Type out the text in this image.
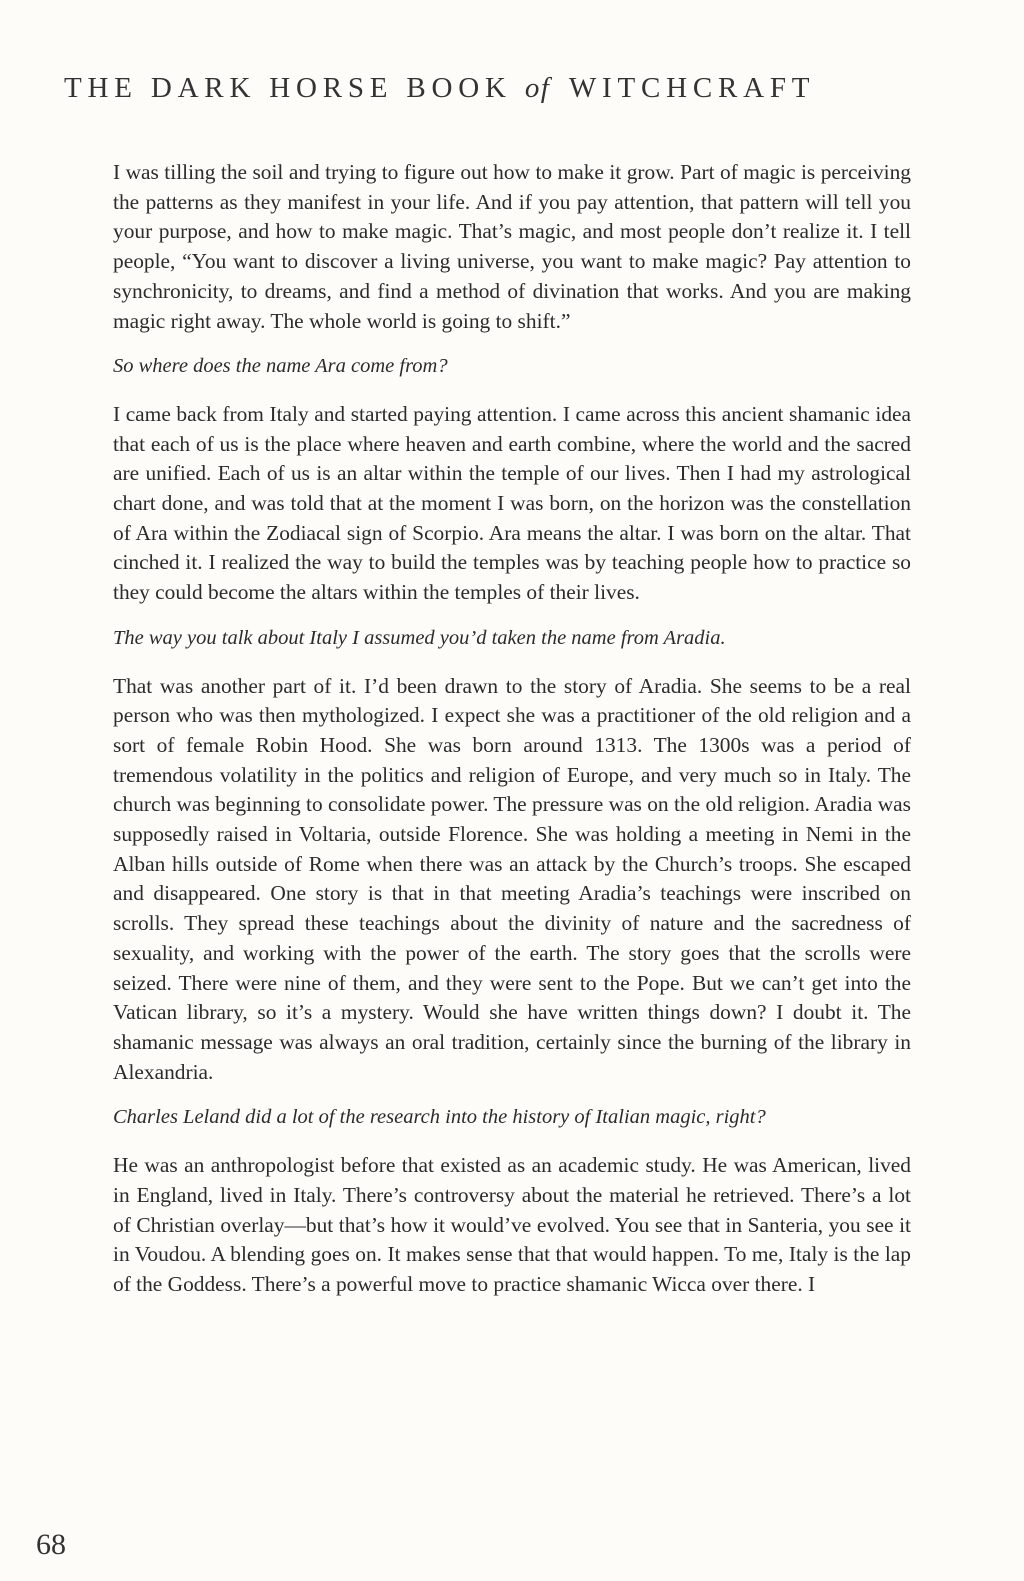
THE DARK HORSE BOOK of WITCHCRAFT

I was tilling the soil and trying to figure out how to make it grow. Part of magic is perceiving the patterns as they manifest in your life. And if you pay attention, that pattern will tell you your purpose, and how to make magic. That’s magic, and most people don’t realize it. I tell people, “You want to discover a living universe, you want to make magic? Pay attention to synchronicity, to dreams, and find a method of divination that works. And you are making magic right away. The whole world is going to shift.”

So where does the name Ara come from?

I came back from Italy and started paying attention. I came across this ancient shamanic idea that each of us is the place where heaven and earth combine, where the world and the sacred are unified. Each of us is an altar within the temple of our lives. Then I had my astrological chart done, and was told that at the moment I was born, on the horizon was the constellation of Ara within the Zodiacal sign of Scorpio. Ara means the altar. I was born on the altar. That cinched it. I realized the way to build the temples was by teaching people how to practice so they could become the altars within the temples of their lives.

The way you talk about Italy I assumed you’d taken the name from Aradia.

That was another part of it. I’d been drawn to the story of Aradia. She seems to be a real person who was then mythologized. I expect she was a practitioner of the old religion and a sort of female Robin Hood. She was born around 1313. The 1300s was a period of tremendous volatility in the politics and religion of Europe, and very much so in Italy. The church was beginning to consolidate power. The pressure was on the old religion. Aradia was supposedly raised in Voltaria, outside Florence. She was holding a meeting in Nemi in the Alban hills outside of Rome when there was an attack by the Church’s troops. She escaped and disappeared. One story is that in that meeting Aradia’s teachings were inscribed on scrolls. They spread these teachings about the divinity of nature and the sacredness of sexuality, and working with the power of the earth. The story goes that the scrolls were seized. There were nine of them, and they were sent to the Pope. But we can’t get into the Vatican library, so it’s a mystery. Would she have written things down? I doubt it. The shamanic message was always an oral tradition, certainly since the burning of the library in Alexandria.

Charles Leland did a lot of the research into the history of Italian magic, right?

He was an anthropologist before that existed as an academic study. He was American, lived in England, lived in Italy. There’s controversy about the material he retrieved. There’s a lot of Christian overlay—but that’s how it would’ve evolved. You see that in Santeria, you see it in Voudou. A blending goes on. It makes sense that that would happen. To me, Italy is the lap of the Goddess. There’s a powerful move to practice shamanic Wicca over there. I

68
